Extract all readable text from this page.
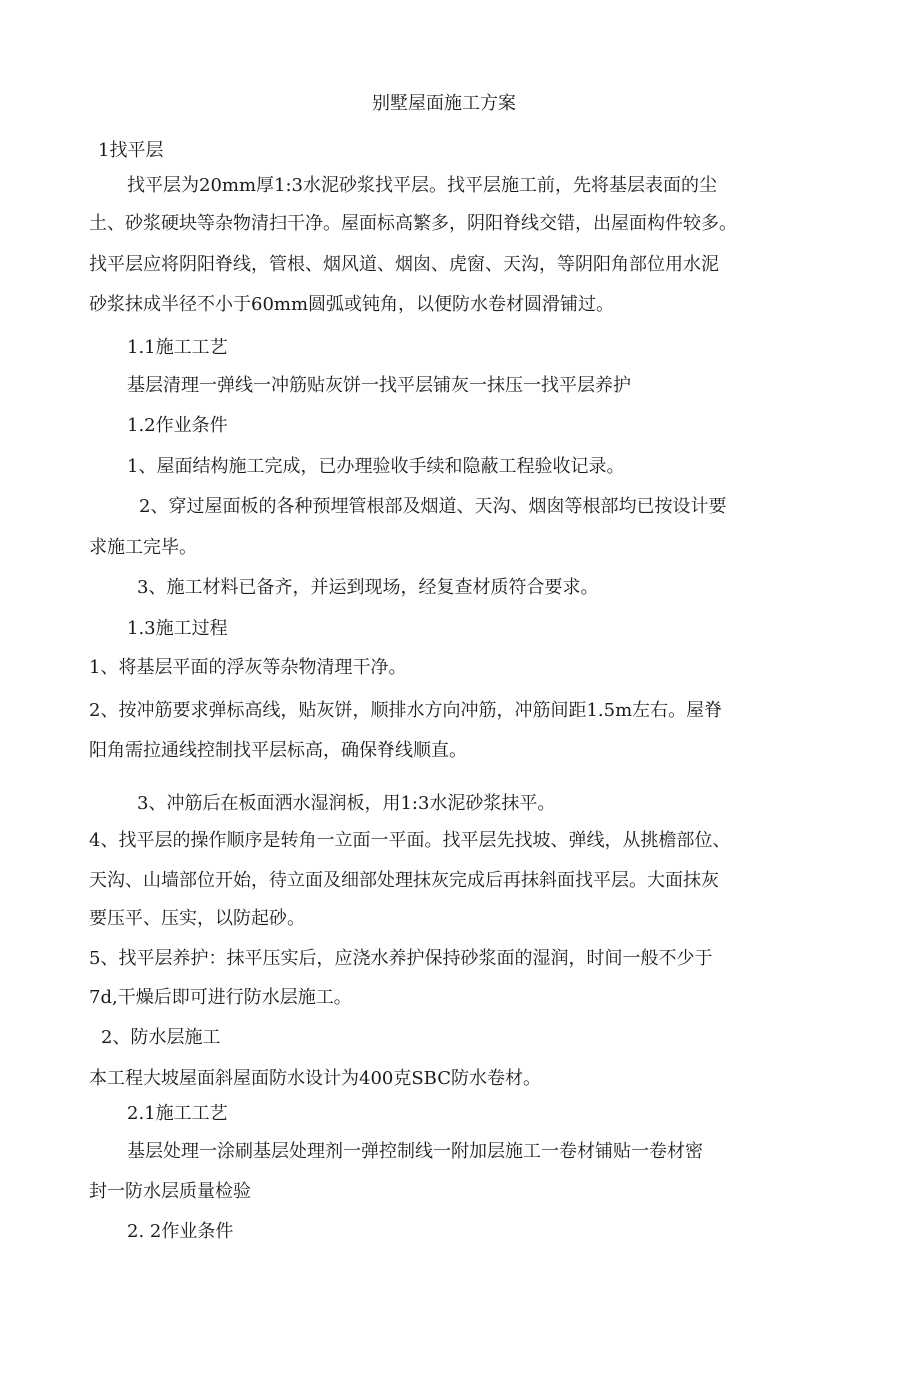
别墅屋面施工方案

1找平层

找平层为20mm厚1:3水泥砂浆找平层。找平层施工前，先将基层表面的尘

土、砂浆硬块等杂物清扫干净。屋面标高繁多，阴阳脊线交错，出屋面构件较多。

找平层应将阴阳脊线，管根、烟风道、烟囱、虎窗、天沟，等阴阳角部位用水泥

砂浆抹成半径不小于60mm圆弧或钝角，以便防水卷材圆滑铺过。

1.1施工工艺

基层清理一弹线一冲筋贴灰饼一找平层铺灰一抹压一找平层养护

1.2作业条件

1、屋面结构施工完成，已办理验收手续和隐蔽工程验收记录。

2、穿过屋面板的各种预埋管根部及烟道、天沟、烟囱等根部均已按设计要

求施工完毕。

3、施工材料已备齐，并运到现场，经复查材质符合要求。

1.3施工过程

1、将基层平面的浮灰等杂物清理干净。

2、按冲筋要求弹标高线，贴灰饼，顺排水方向冲筋，冲筋间距1.5m左右。屋脊

阳角需拉通线控制找平层标高，确保脊线顺直。

3、冲筋后在板面洒水湿润板，用1:3水泥砂浆抹平。

4、找平层的操作顺序是转角一立面一平面。找平层先找坡、弹线，从挑檐部位、

天沟、山墙部位开始，待立面及细部处理抹灰完成后再抹斜面找平层。大面抹灰

要压平、压实，以防起砂。

5、找平层养护：抹平压实后，应浇水养护保持砂浆面的湿润，时间一般不少于

7d,干燥后即可进行防水层施工。

2、防水层施工

本工程大坡屋面斜屋面防水设计为400克SBC防水卷材。

2.1施工工艺

基层处理一涂刷基层处理剂一弹控制线一附加层施工一卷材铺贴一卷材密

封一防水层质量检验

2. 2作业条件
